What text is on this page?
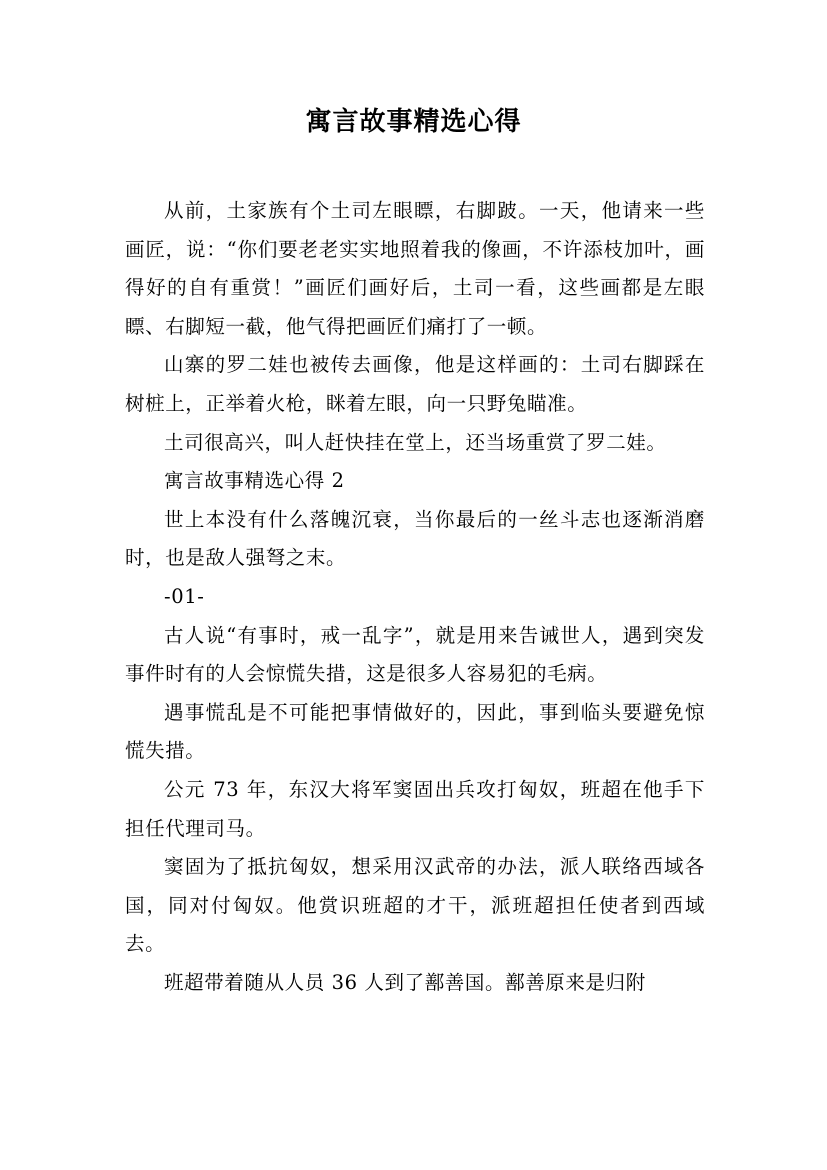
寓言故事精选心得

从前，土家族有个土司左眼瞟，右脚跛。一天，他请来一些画匠，说：“你们要老老实实地照着我的像画，不许添枝加叶，画得好的自有重赏！”画匠们画好后，土司一看，这些画都是左眼瞟、右脚短一截，他气得把画匠们痛打了一顿。

山寨的罗二娃也被传去画像，他是这样画的：土司右脚踩在树桩上，正举着火枪，眯着左眼，向一只野兔瞄准。

土司很高兴，叫人赶快挂在堂上，还当场重赏了罗二娃。

寓言故事精选心得 2

世上本没有什么落魄沉衰，当你最后的一丝斗志也逐渐消磨时，也是敌人强弩之末。

-01-

古人说“有事时，戒一乱字”，就是用来告诫世人，遇到突发事件时有的人会惊慌失措，这是很多人容易犯的毛病。

遇事慌乱是不可能把事情做好的，因此，事到临头要避免惊慌失措。

公元 73 年，东汉大将军窦固出兵攻打匈奴，班超在他手下担任代理司马。

窦固为了抵抗匈奴，想采用汉武帝的办法，派人联络西域各国，同对付匈奴。他赏识班超的才干，派班超担任使者到西域去。

班超带着随从人员 36 人到了鄯善国。鄯善原来是归附
